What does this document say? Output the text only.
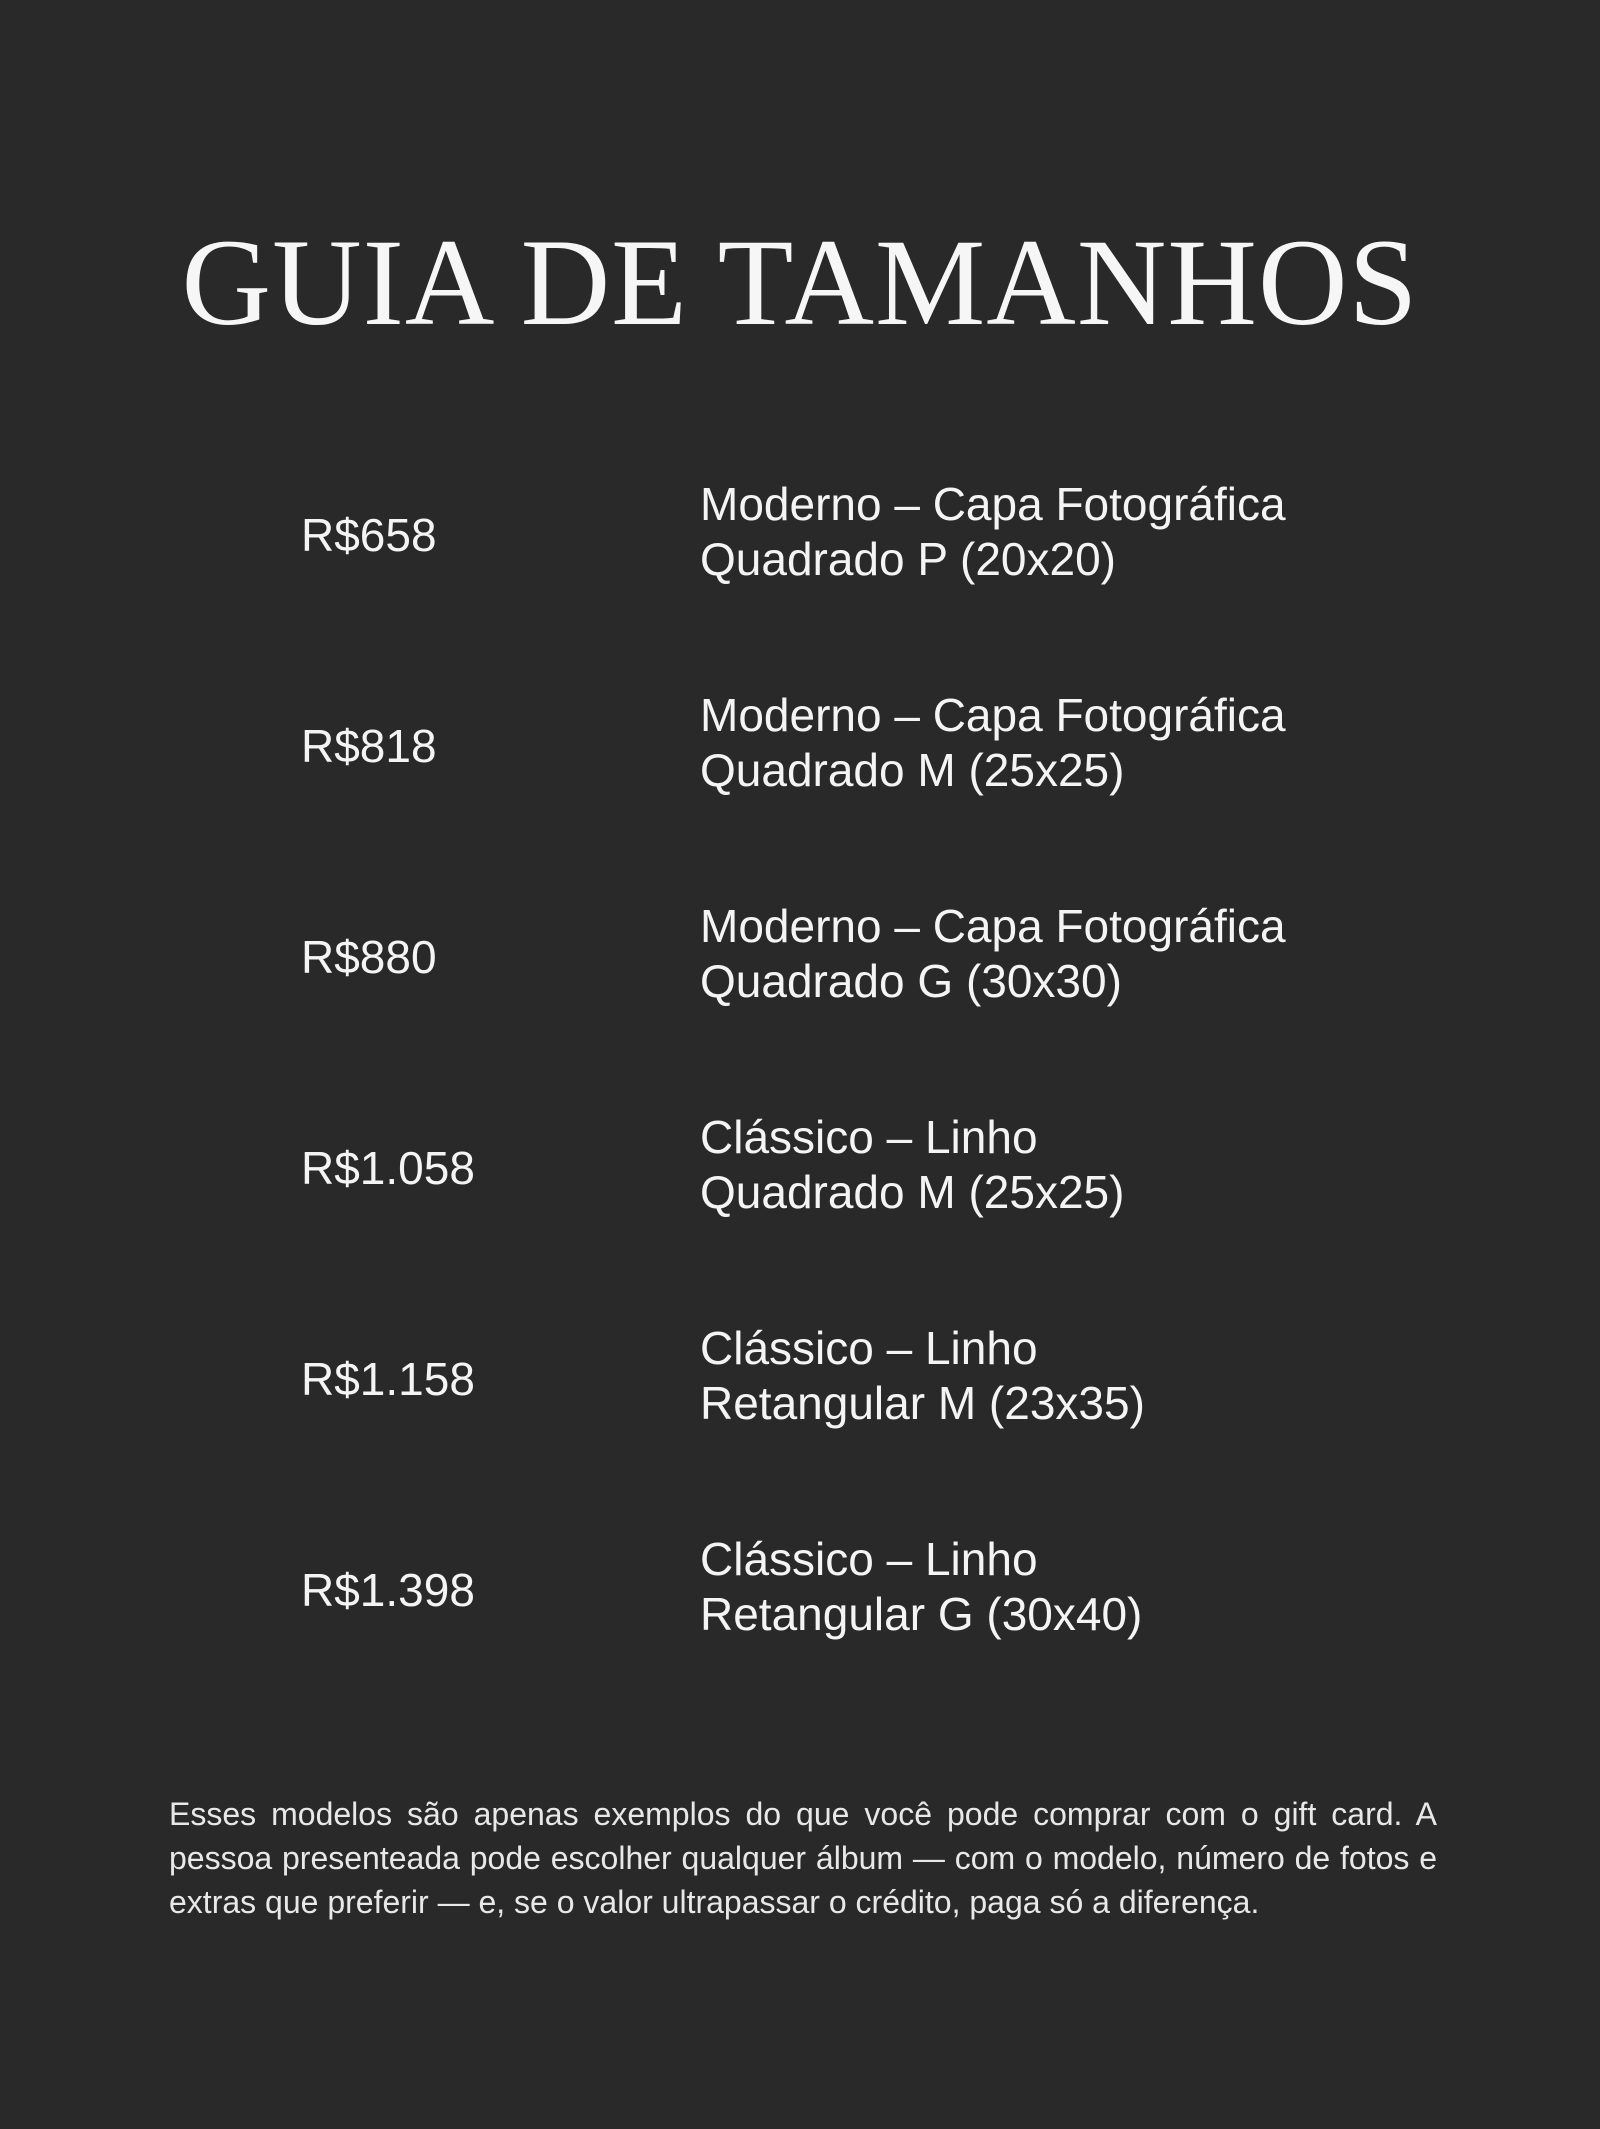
GUIA DE TAMANHOS
R$658
Moderno – Capa Fotográfica
Quadrado P (20x20)
R$818
Moderno – Capa Fotográfica
Quadrado M (25x25)
R$880
Moderno – Capa Fotográfica
Quadrado G (30x30)
R$1.058
Clássico – Linho
Quadrado M (25x25)
R$1.158
Clássico – Linho
Retangular M (23x35)
R$1.398
Clássico – Linho
Retangular G (30x40)

Esses modelos são apenas exemplos do que você pode comprar com o gift card. A pessoa presenteada pode escolher qualquer álbum — com o modelo, número de fotos e extras que preferir — e, se o valor ultrapassar o crédito, paga só a diferença.
